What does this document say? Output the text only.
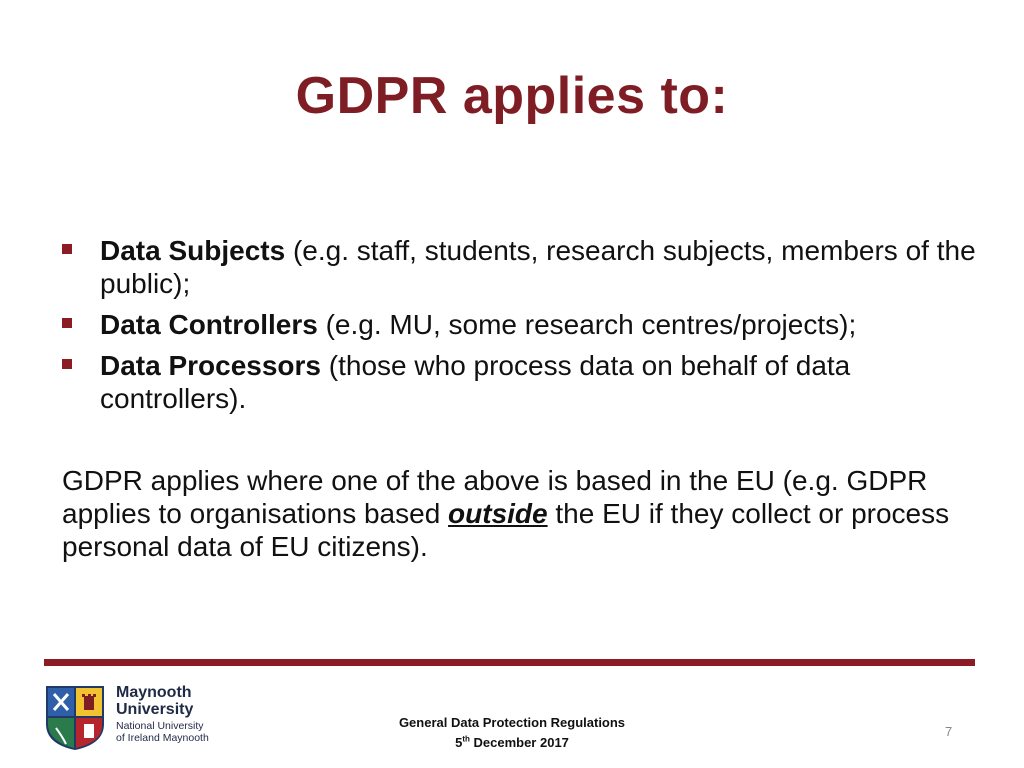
GDPR applies to:
Data Subjects (e.g. staff, students, research subjects, members of the public);
Data Controllers (e.g. MU, some research centres/projects);
Data Processors (those who process data on behalf of data controllers).
GDPR applies where one of the above is based in the EU (e.g. GDPR applies to organisations based outside the EU if they collect or process personal data of EU citizens).
Maynooth
University
National University
of Ireland Maynooth
General Data Protection Regulations
5th December 2017
7
